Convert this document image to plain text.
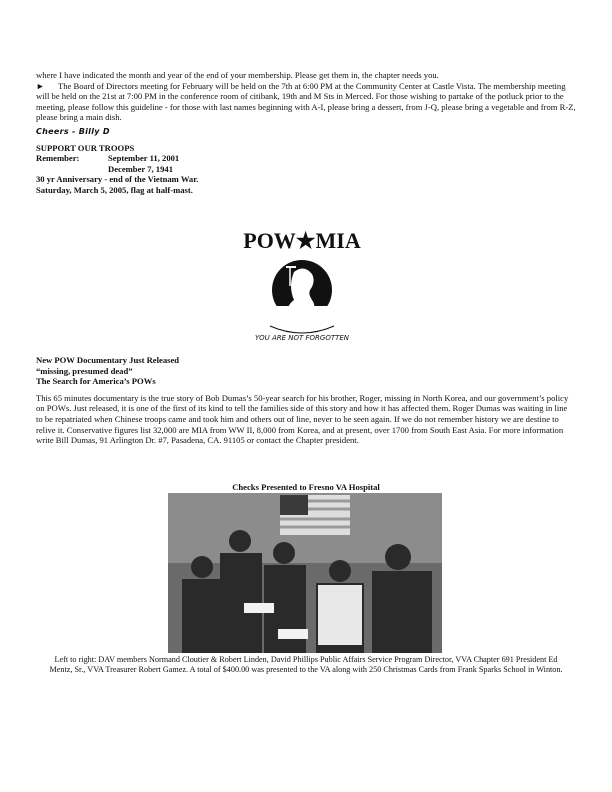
where I have indicated the month and year of the end of your membership. Please get them in, the chapter needs you.

► The Board of Directors meeting for February will be held on the 7th at 6:00 PM at the Community Center at Castle Vista. The membership meeting will be held on the 21st at 7:00 PM in the conference room of citibank, 19th and M Sts in Merced. For those wishing to partake of the potluck prior to the meeting, please follow this guideline - for those with last names beginning with A-I, please bring a dessert, from J-Q, please bring a vegetable and from R-Z, please bring a main dish.

Cheers - Billy D

SUPPORT OUR TROOPS

Remember:	September 11, 2001

December 7, 1941

30 yr Anniversary - end of the Vietnam War.

Saturday, March 5, 2005, flag at half-mast.

POW★MIA
YOU ARE NOT FORGOTTEN

New POW Documentary Just Released

“missing, presumed dead”

The Search for America’s POWs

This 65 minutes documentary is the true story of Bob Dumas’s 50-year search for his brother, Roger, missing in North Korea, and our government’s policy on POWs. Just released, it is one of the first of its kind to tell the families side of this story and how it has affected them. Roger Dumas was waiting in line to be repatriated when Chinese troops came and took him and others out of line, never to be seen again. If we do not remember history we are destine to relive it. Conservative figures list 32,000 are MIA from WW II, 8,000 from Korea, and at present, over 1700 from South East Asia. For more information write Bill Dumas, 91 Arlington Dr. #7, Pasadena, CA. 91105 or contact the Chapter president.

Checks Presented to Fresno VA Hospital

Left to right: DAV members Normand Cloutier & Robert Linden, David Phillips Public Affairs Service Program Director, VVA Chapter 691 President Ed Mentz, Sr., VVA Treasurer Robert Gamez. A total of $400.00 was presented to the VA along with 250 Christmas Cards from Frank Sparks School in Winton.
